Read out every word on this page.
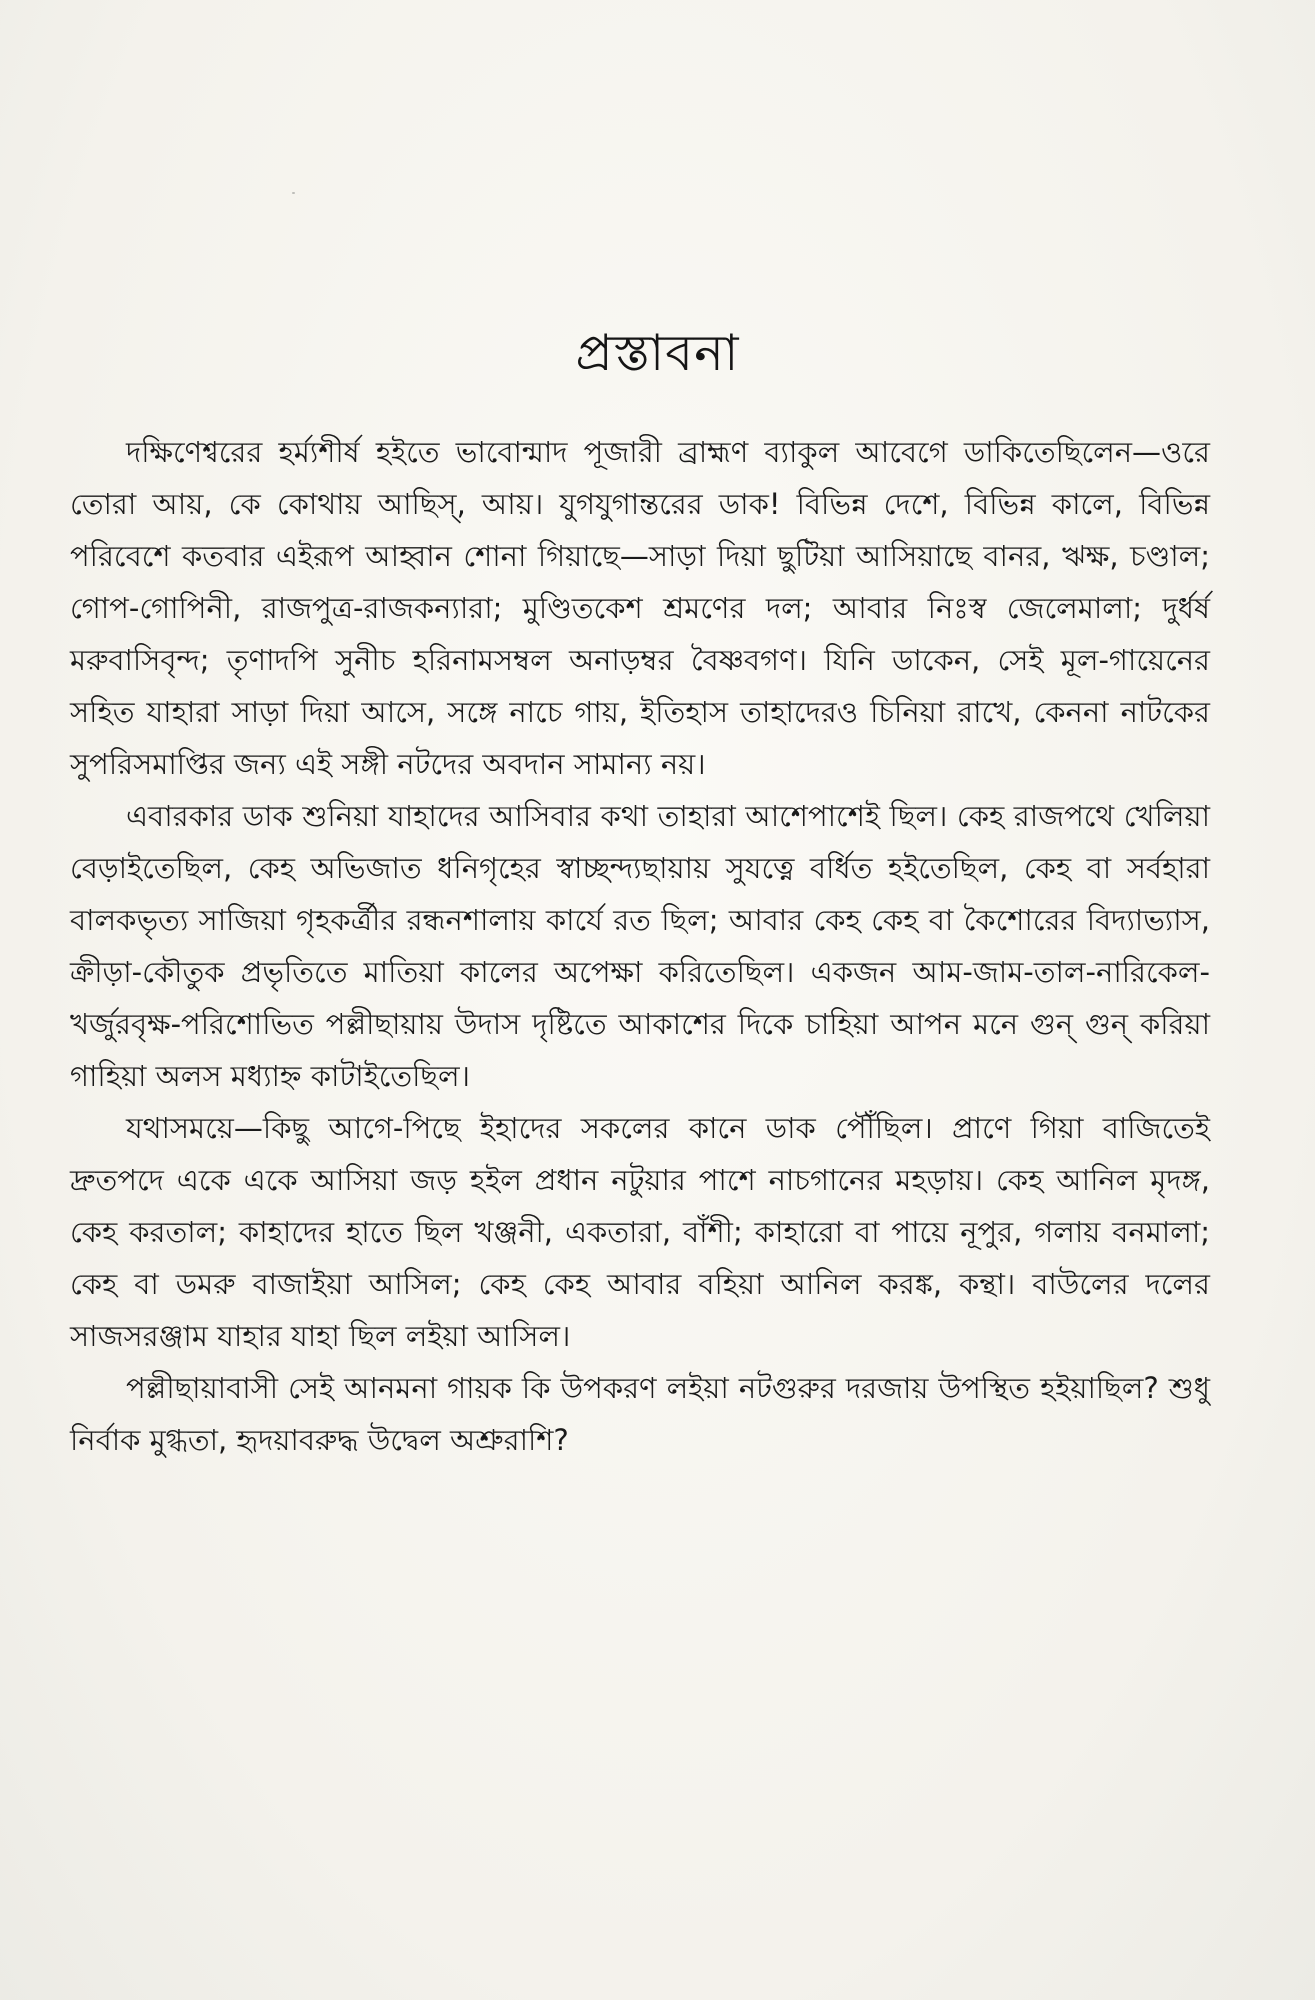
প্রস্তাবনা

দক্ষিণেশ্বরের হর্ম্যশীর্ষ হইতে ভাবোন্মাদ পূজারী ব্রাহ্মণ ব্যাকুল আবেগে ডাকিতেছিলেন—ওরে তোরা আয়, কে কোথায় আছিস্, আয়। যুগযুগান্তরের ডাক! বিভিন্ন দেশে, বিভিন্ন কালে, বিভিন্ন পরিবেশে কতবার এইরূপ আহ্বান শোনা গিয়াছে—সাড়া দিয়া ছুটিয়া আসিয়াছে বানর, ঋক্ষ, চণ্ডাল; গোপ-গোপিনী, রাজপুত্র-রাজকন্যারা; মুণ্ডিতকেশ শ্রমণের দল; আবার নিঃস্ব জেলেমালা; দুর্ধর্ষ মরুবাসিবৃন্দ; তৃণাদপি সুনীচ হরিনামসম্বল অনাড়ম্বর বৈষ্ণবগণ। যিনি ডাকেন, সেই মূল-গায়েনের সহিত যাহারা সাড়া দিয়া আসে, সঙ্গে নাচে গায়, ইতিহাস তাহাদেরও চিনিয়া রাখে, কেননা নাটকের সুপরিসমাপ্তির জন্য এই সঙ্গী নটদের অবদান সামান্য নয়।

এবারকার ডাক শুনিয়া যাহাদের আসিবার কথা তাহারা আশেপাশেই ছিল। কেহ রাজপথে খেলিয়া বেড়াইতেছিল, কেহ অভিজাত ধনিগৃহের স্বাচ্ছন্দ্যছায়ায় সুযত্নে বর্ধিত হইতেছিল, কেহ বা সর্বহারা বালকভৃত্য সাজিয়া গৃহকর্ত্রীর রন্ধনশালায় কার্যে রত ছিল; আবার কেহ কেহ বা কৈশোরের বিদ্যাভ্যাস, ক্রীড়া-কৌতুক প্রভৃতিতে মাতিয়া কালের অপেক্ষা করিতেছিল। একজন আম-জাম-তাল-নারিকেল-খর্জুরবৃক্ষ-পরিশোভিত পল্লীছায়ায় উদাস দৃষ্টিতে আকাশের দিকে চাহিয়া আপন মনে গুন্ গুন্ করিয়া গাহিয়া অলস মধ্যাহ্ন কাটাইতেছিল।

যথাসময়ে—কিছু আগে-পিছে ইহাদের সকলের কানে ডাক পৌঁছিল। প্রাণে গিয়া বাজিতেই দ্রুতপদে একে একে আসিয়া জড় হইল প্রধান নটুয়ার পাশে নাচগানের মহড়ায়। কেহ আনিল মৃদঙ্গ, কেহ করতাল; কাহাদের হাতে ছিল খঞ্জনী, একতারা, বাঁশী; কাহারো বা পায়ে নূপুর, গলায় বনমালা; কেহ বা ডমরু বাজাইয়া আসিল; কেহ কেহ আবার বহিয়া আনিল করঙ্ক, কন্থা। বাউলের দলের সাজসরঞ্জাম যাহার যাহা ছিল লইয়া আসিল।

পল্লীছায়াবাসী সেই আনমনা গায়ক কি উপকরণ লইয়া নটগুরুর দরজায় উপস্থিত হইয়াছিল? শুধু নির্বাক মুগ্ধতা, হৃদয়াবরুদ্ধ উদ্বেল অশ্রুরাশি?
